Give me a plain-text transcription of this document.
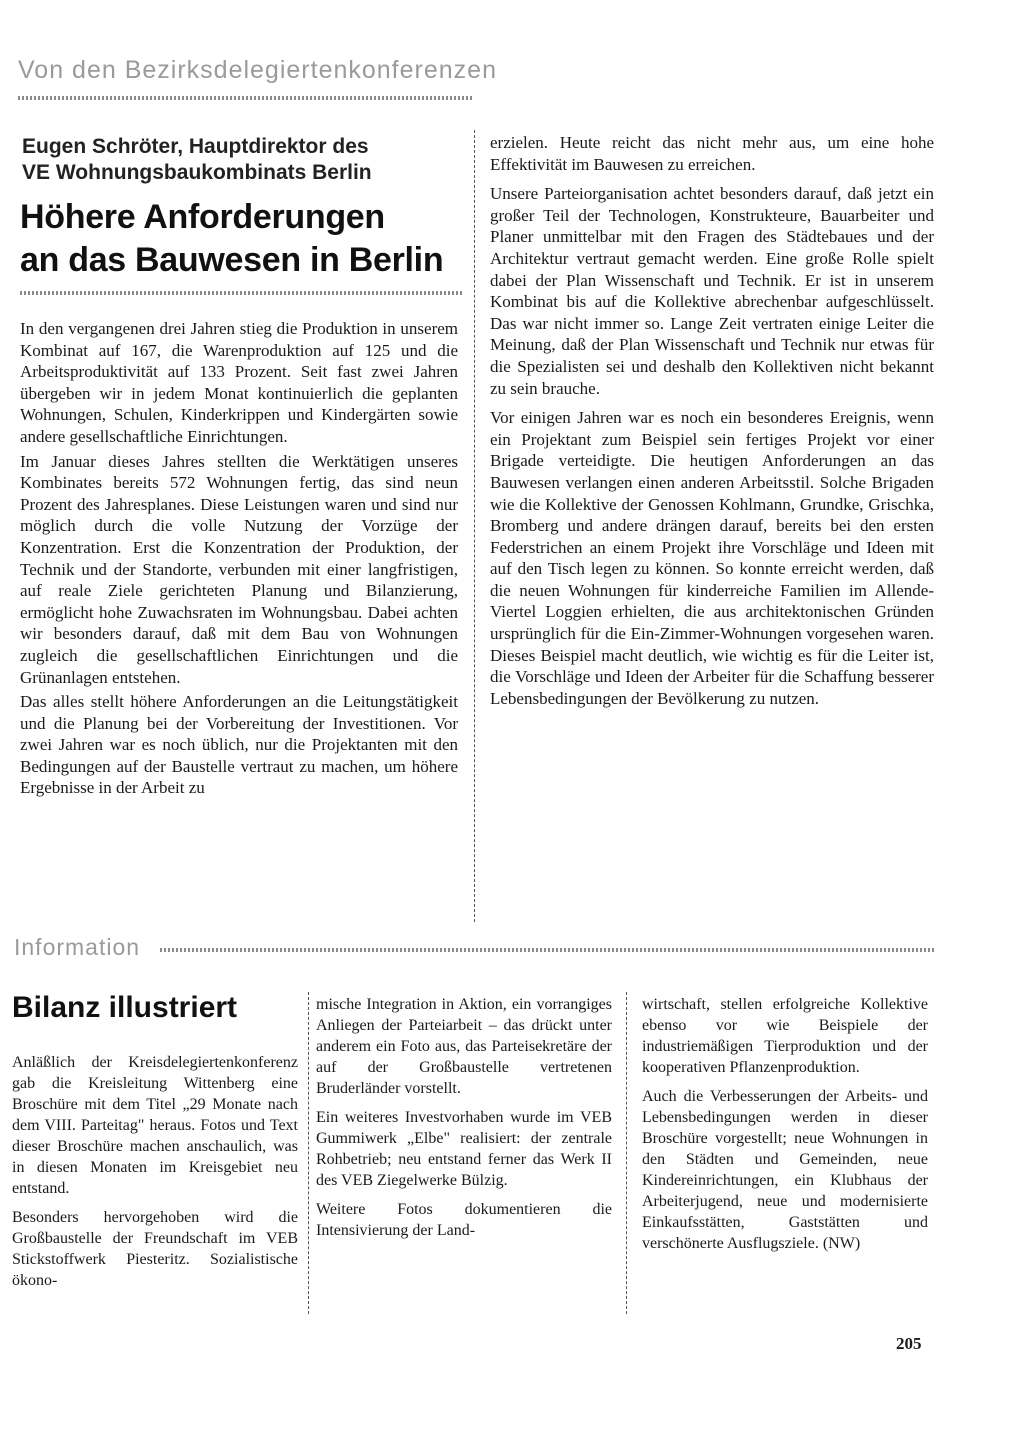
Von den Bezirksdelegiertenkonferenzen
Eugen Schröter, Hauptdirektor des
VE Wohnungsbaukombinats Berlin
Höhere Anforderungen
an das Bauwesen in Berlin

In den vergangenen drei Jahren stieg die Produktion in unserem Kombinat auf 167, die Warenproduktion auf 125 und die Arbeitsproduktivität auf 133 Prozent. Seit fast zwei Jahren übergeben wir in jedem Monat kontinuierlich die geplanten Wohnungen, Schulen, Kinderkrippen und Kindergärten sowie andere gesellschaftliche Einrichtungen.

Im Januar dieses Jahres stellten die Werktätigen unseres Kombinates bereits 572 Wohnungen fertig, das sind neun Prozent des Jahresplanes. Diese Leistungen waren und sind nur möglich durch die volle Nutzung der Vorzüge der Konzentration. Erst die Konzentration der Produktion, der Technik und der Standorte, verbunden mit einer langfristigen, auf reale Ziele gerichteten Planung und Bilanzierung, ermöglicht hohe Zuwachsraten im Wohnungsbau. Dabei achten wir besonders darauf, daß mit dem Bau von Wohnungen zugleich die gesellschaftlichen Einrichtungen und die Grünanlagen entstehen.

Das alles stellt höhere Anforderungen an die Leitungstätigkeit und die Planung bei der Vorbereitung der Investitionen. Vor zwei Jahren war es noch üblich, nur die Projektanten mit den Bedingungen auf der Baustelle vertraut zu machen, um höhere Ergebnisse in der Arbeit zu

erzielen. Heute reicht das nicht mehr aus, um eine hohe Effektivität im Bauwesen zu erreichen.

Unsere Parteiorganisation achtet besonders darauf, daß jetzt ein großer Teil der Technologen, Konstrukteure, Bauarbeiter und Planer unmittelbar mit den Fragen des Städtebaues und der Architektur vertraut gemacht werden. Eine große Rolle spielt dabei der Plan Wissenschaft und Technik. Er ist in unserem Kombinat bis auf die Kollektive abrechenbar aufgeschlüsselt. Das war nicht immer so. Lange Zeit vertraten einige Leiter die Meinung, daß der Plan Wissenschaft und Technik nur etwas für die Spezialisten sei und deshalb den Kollektiven nicht bekannt zu sein brauche.

Vor einigen Jahren war es noch ein besonderes Ereignis, wenn ein Projektant zum Beispiel sein fertiges Projekt vor einer Brigade verteidigte. Die heutigen Anforderungen an das Bauwesen verlangen einen anderen Arbeitsstil. Solche Brigaden wie die Kollektive der Genossen Kohlmann, Grundke, Grischka, Bromberg und andere drängen darauf, bereits bei den ersten Federstrichen an einem Projekt ihre Vorschläge und Ideen mit auf den Tisch legen zu können. So konnte erreicht werden, daß die neuen Wohnungen für kinderreiche Familien im Allende-Viertel Loggien erhielten, die aus architektonischen Gründen ursprünglich für die Ein-Zimmer-Wohnungen vorgesehen waren. Dieses Beispiel macht deutlich, wie wichtig es für die Leiter ist, die Vorschläge und Ideen der Arbeiter für die Schaffung besserer Lebensbedingungen der Bevölkerung zu nutzen.

Information
Bilanz illustriert

Anläßlich der Kreisdelegiertenkonferenz gab die Kreisleitung Wittenberg eine Broschüre mit dem Titel „29 Monate nach dem VIII. Parteitag" heraus. Fotos und Text dieser Broschüre machen anschaulich, was in diesen Monaten im Kreisgebiet neu entstand.

Besonders hervorgehoben wird die Großbaustelle der Freundschaft im VEB Stickstoffwerk Piesteritz. Sozialistische ökono-

mische Integration in Aktion, ein vorrangiges Anliegen der Parteiarbeit – das drückt unter anderem ein Foto aus, das Parteisekretäre der auf der Großbaustelle vertretenen Bruderländer vorstellt.

Ein weiteres Investvorhaben wurde im VEB Gummiwerk „Elbe" realisiert: der zentrale Rohbetrieb; neu entstand ferner das Werk II des VEB Ziegelwerke Bülzig.

Weitere Fotos dokumentieren die Intensivierung der Land-

wirtschaft, stellen erfolgreiche Kollektive ebenso vor wie Beispiele der industriemäßigen Tierproduktion und der kooperativen Pflanzenproduktion.

Auch die Verbesserungen der Arbeits- und Lebensbedingungen werden in dieser Broschüre vorgestellt; neue Wohnungen in den Städten und Gemeinden, neue Kindereinrichtungen, ein Klubhaus der Arbeiterjugend, neue und modernisierte Einkaufsstätten, Gaststätten und verschönerte Ausflugsziele. (NW)

205
